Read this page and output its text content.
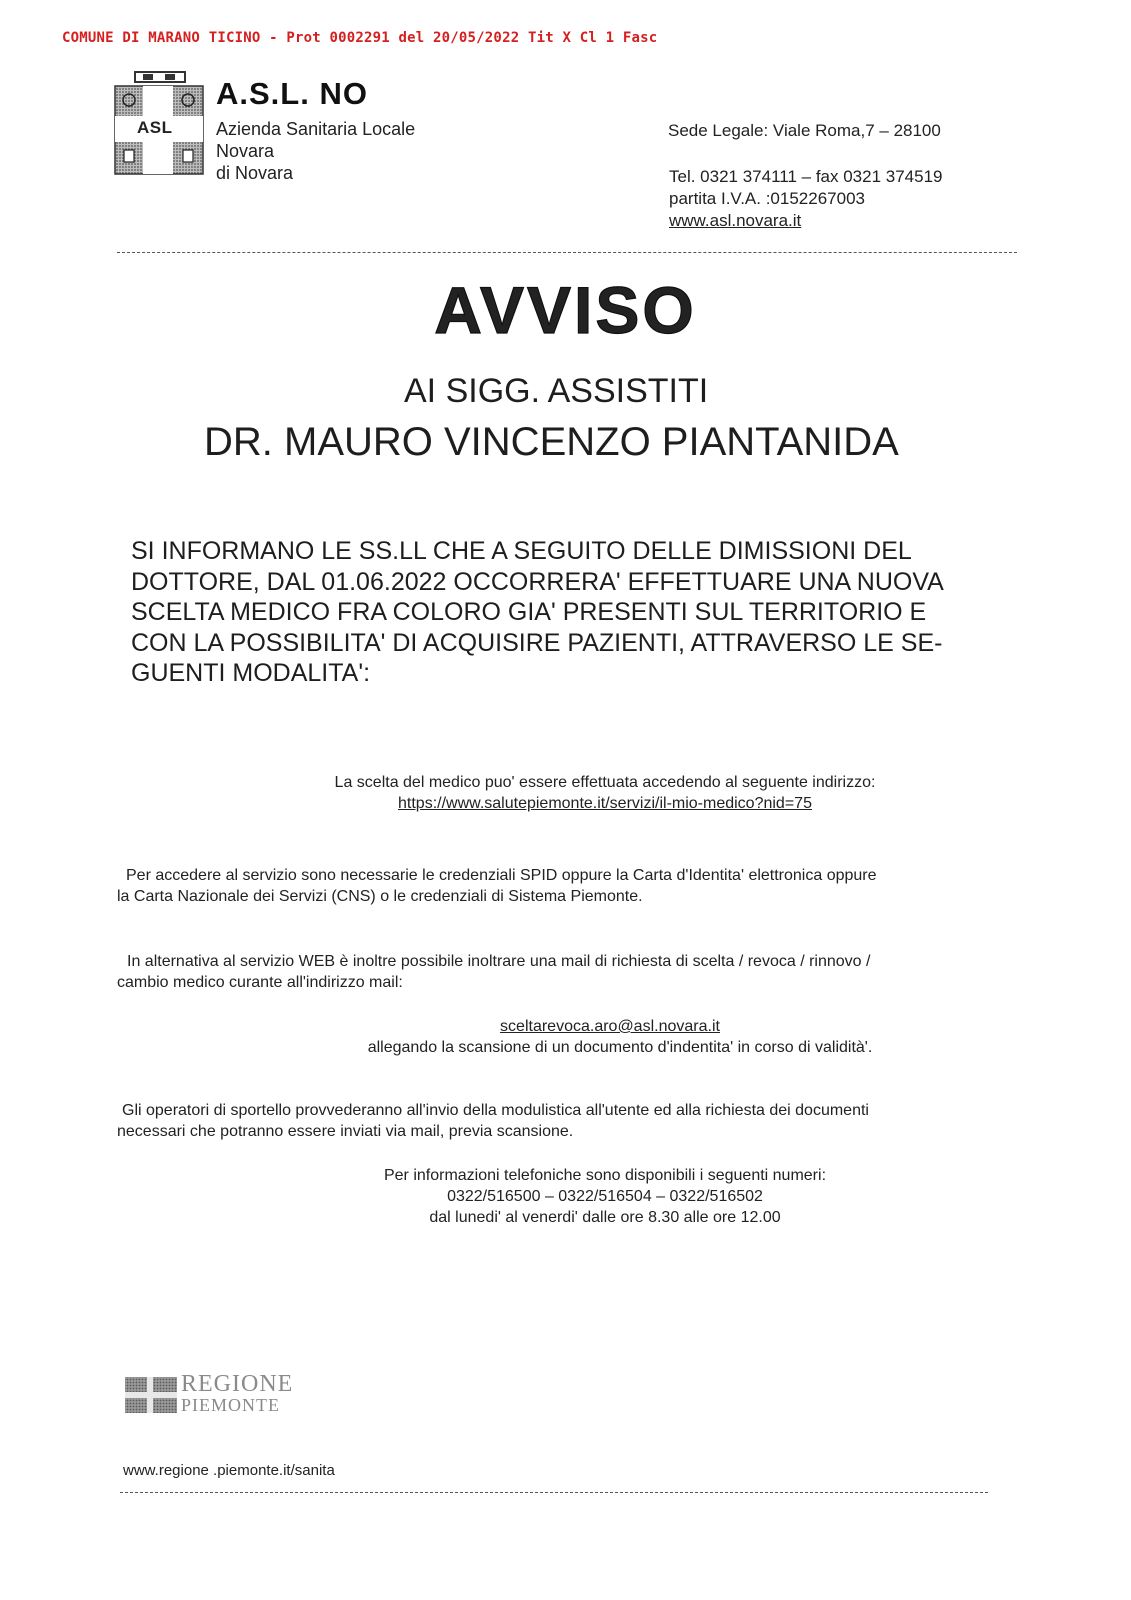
COMUNE DI MARANO TICINO - Prot 0002291 del 20/05/2022 Tit X Cl 1 Fasc
ASL
A.S.L. NO
Azienda Sanitaria Locale
Novara
di Novara
Sede Legale: Viale Roma,7 – 28100
Tel. 0321 374111 – fax 0321 374519
partita I.V.A. :0152267003
www.asl.novara.it
AVVISO
AI SIGG. ASSISTITI
DR. MAURO VINCENZO PIANTANIDA
SI INFORMANO LE SS.LL CHE A SEGUITO DELLE DIMISSIONI DEL
DOTTORE, DAL 01.06.2022 OCCORRERA' EFFETTUARE UNA NUOVA
SCELTA MEDICO FRA COLORO GIA' PRESENTI SUL TERRITORIO E
CON LA POSSIBILITA' DI ACQUISIRE PAZIENTI, ATTRAVERSO LE SE-
GUENTI MODALITA':
La scelta del medico puo' essere effettuata accedendo al seguente indirizzo:
https://www.salutepiemonte.it/servizi/il-mio-medico?nid=75
Per accedere al servizio sono necessarie le credenziali SPID oppure la Carta d'Identita' elettronica oppure
la Carta Nazionale dei Servizi (CNS) o le credenziali di Sistema Piemonte.
In alternativa al servizio WEB è inoltre possibile inoltrare una mail di richiesta di scelta / revoca / rinnovo /
cambio medico curante all'indirizzo mail:
sceltarevoca.aro@asl.novara.it
allegando la scansione di un documento d'indentita' in corso di validità'.
Gli operatori di sportello provvederanno all'invio della modulistica all'utente ed alla richiesta dei documenti
necessari che potranno essere inviati via mail, previa scansione.
Per informazioni telefoniche sono disponibili i seguenti numeri:
0322/516500 – 0322/516504 – 0322/516502
dal lunedi' al venerdi' dalle ore 8.30 alle ore 12.00
REGIONE
PIEMONTE
www.regione .piemonte.it/sanita
